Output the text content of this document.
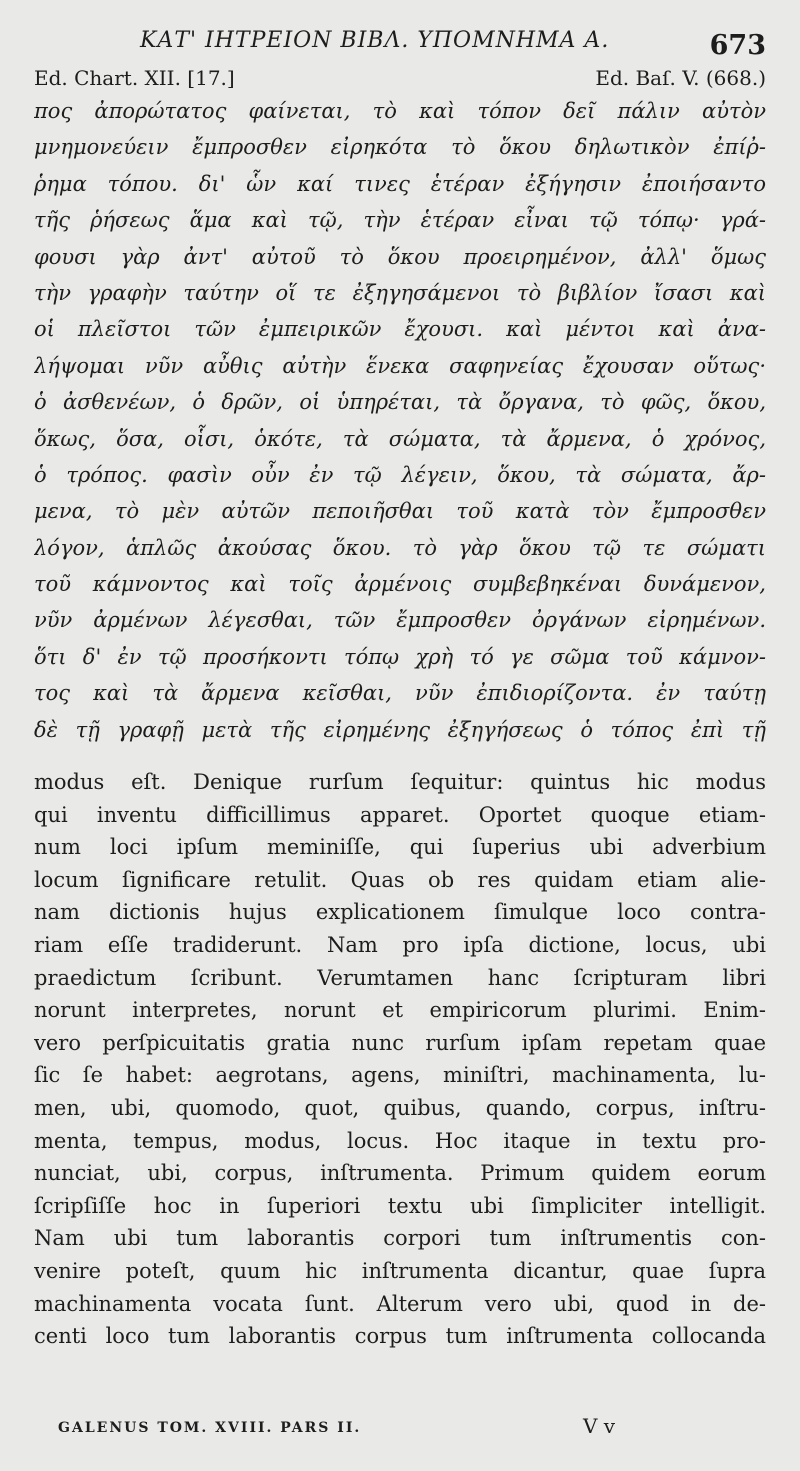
ΚΑΤ' ΙΗΤΡΕΙΟΝ ΒΙΒΛ. ΥΠΟΜΝΗΜΑ Α.	673
Ed. Chart. XII. [17.]	Ed. Baſ. V. (668.)
πος ἀπορώτατος φαίνεται, τὸ καὶ τόπον δεῖ πάλιν αὐτὸν
μνημονεύειν ἔμπροσθεν εἰρηκότα τὸ ὅκου δηλωτικὸν ἐπίῤ-
ῥημα τόπου. δι' ὧν καί τινες ἑτέραν ἐξήγησιν ἐποιήσαντο
τῆς ῥήσεως ἅμα καὶ τῷ, τὴν ἑτέραν εἶναι τῷ τόπῳ· γρά-
φουσι γὰρ ἀντ' αὐτοῦ τὸ ὅκου προειρημένον, ἀλλ' ὅμως
τὴν γραφὴν ταύτην οἵ τε ἐξηγησάμενοι τὸ βιβλίον ἴσασι καὶ
οἱ πλεῖστοι τῶν ἐμπειρικῶν ἔχουσι. καὶ μέντοι καὶ ἀνα-
λήψομαι νῦν αὖθις αὐτὴν ἕνεκα σαφηνείας ἔχουσαν οὕτως·
ὁ ἀσθενέων, ὁ δρῶν, οἱ ὑπηρέται, τὰ ὄργανα, τὸ φῶς, ὅκου,
ὅκως, ὅσα, οἷσι, ὁκότε, τὰ σώματα, τὰ ἄρμενα, ὁ χρόνος,
ὁ τρόπος. φασὶν οὖν ἐν τῷ λέγειν, ὅκου, τὰ σώματα, ἄρ-
μενα, τὸ μὲν αὐτῶν πεποιῆσθαι τοῦ κατὰ τὸν ἔμπροσθεν
λόγον, ἁπλῶς ἀκούσας ὅκου. τὸ γὰρ ὅκου τῷ τε σώματι
τοῦ κάμνοντος καὶ τοῖς ἀρμένοις συμβεβηκέναι δυνάμενον,
νῦν ἀρμένων λέγεσθαι, τῶν ἔμπροσθεν ὀργάνων εἰρημένων.
ὅτι δ' ἐν τῷ προσήκοντι τόπῳ χρὴ τό γε σῶμα τοῦ κάμνον-
τος καὶ τὰ ἄρμενα κεῖσθαι, νῦν ἐπιδιορίζοντα. ἐν ταύτῃ
δὲ τῇ γραφῇ μετὰ τῆς εἰρημένης ἐξηγήσεως ὁ τόπος ἐπὶ τῇ
modus eſt. Denique rurſum ſequitur: quintus hic modus
qui inventu difficillimus apparet. Oportet quoque etiam-
num loci ipſum meminiſſe, qui ſuperius ubi adverbium
locum ſignificare retulit. Quas ob res quidam etiam alie-
nam dictionis hujus explicationem ſimulque loco contra-
riam eſſe tradiderunt. Nam pro ipſa dictione, locus, ubi
praedictum ſcribunt. Verumtamen hanc ſcripturam libri
norunt interpretes, norunt et empiricorum plurimi. Enim-
vero perſpicuitatis gratia nunc rurſum ipſam repetam quae
ſic ſe habet: aegrotans, agens, miniſtri, machinamenta, lu-
men, ubi, quomodo, quot, quibus, quando, corpus, inſtru-
menta, tempus, modus, locus. Hoc itaque in textu pro-
nunciat, ubi, corpus, inſtrumenta. Primum quidem eorum
ſcripſiſſe hoc in ſuperiori textu ubi ſimpliciter intelligit.
Nam ubi tum laborantis corpori tum inſtrumentis con-
venire poteſt, quum hic inſtrumenta dicantur, quae ſupra
machinamenta vocata ſunt. Alterum vero ubi, quod in de-
centi loco tum laborantis corpus tum inſtrumenta collocanda
GALENUS TOM. XVIII. PARS II.	V v
